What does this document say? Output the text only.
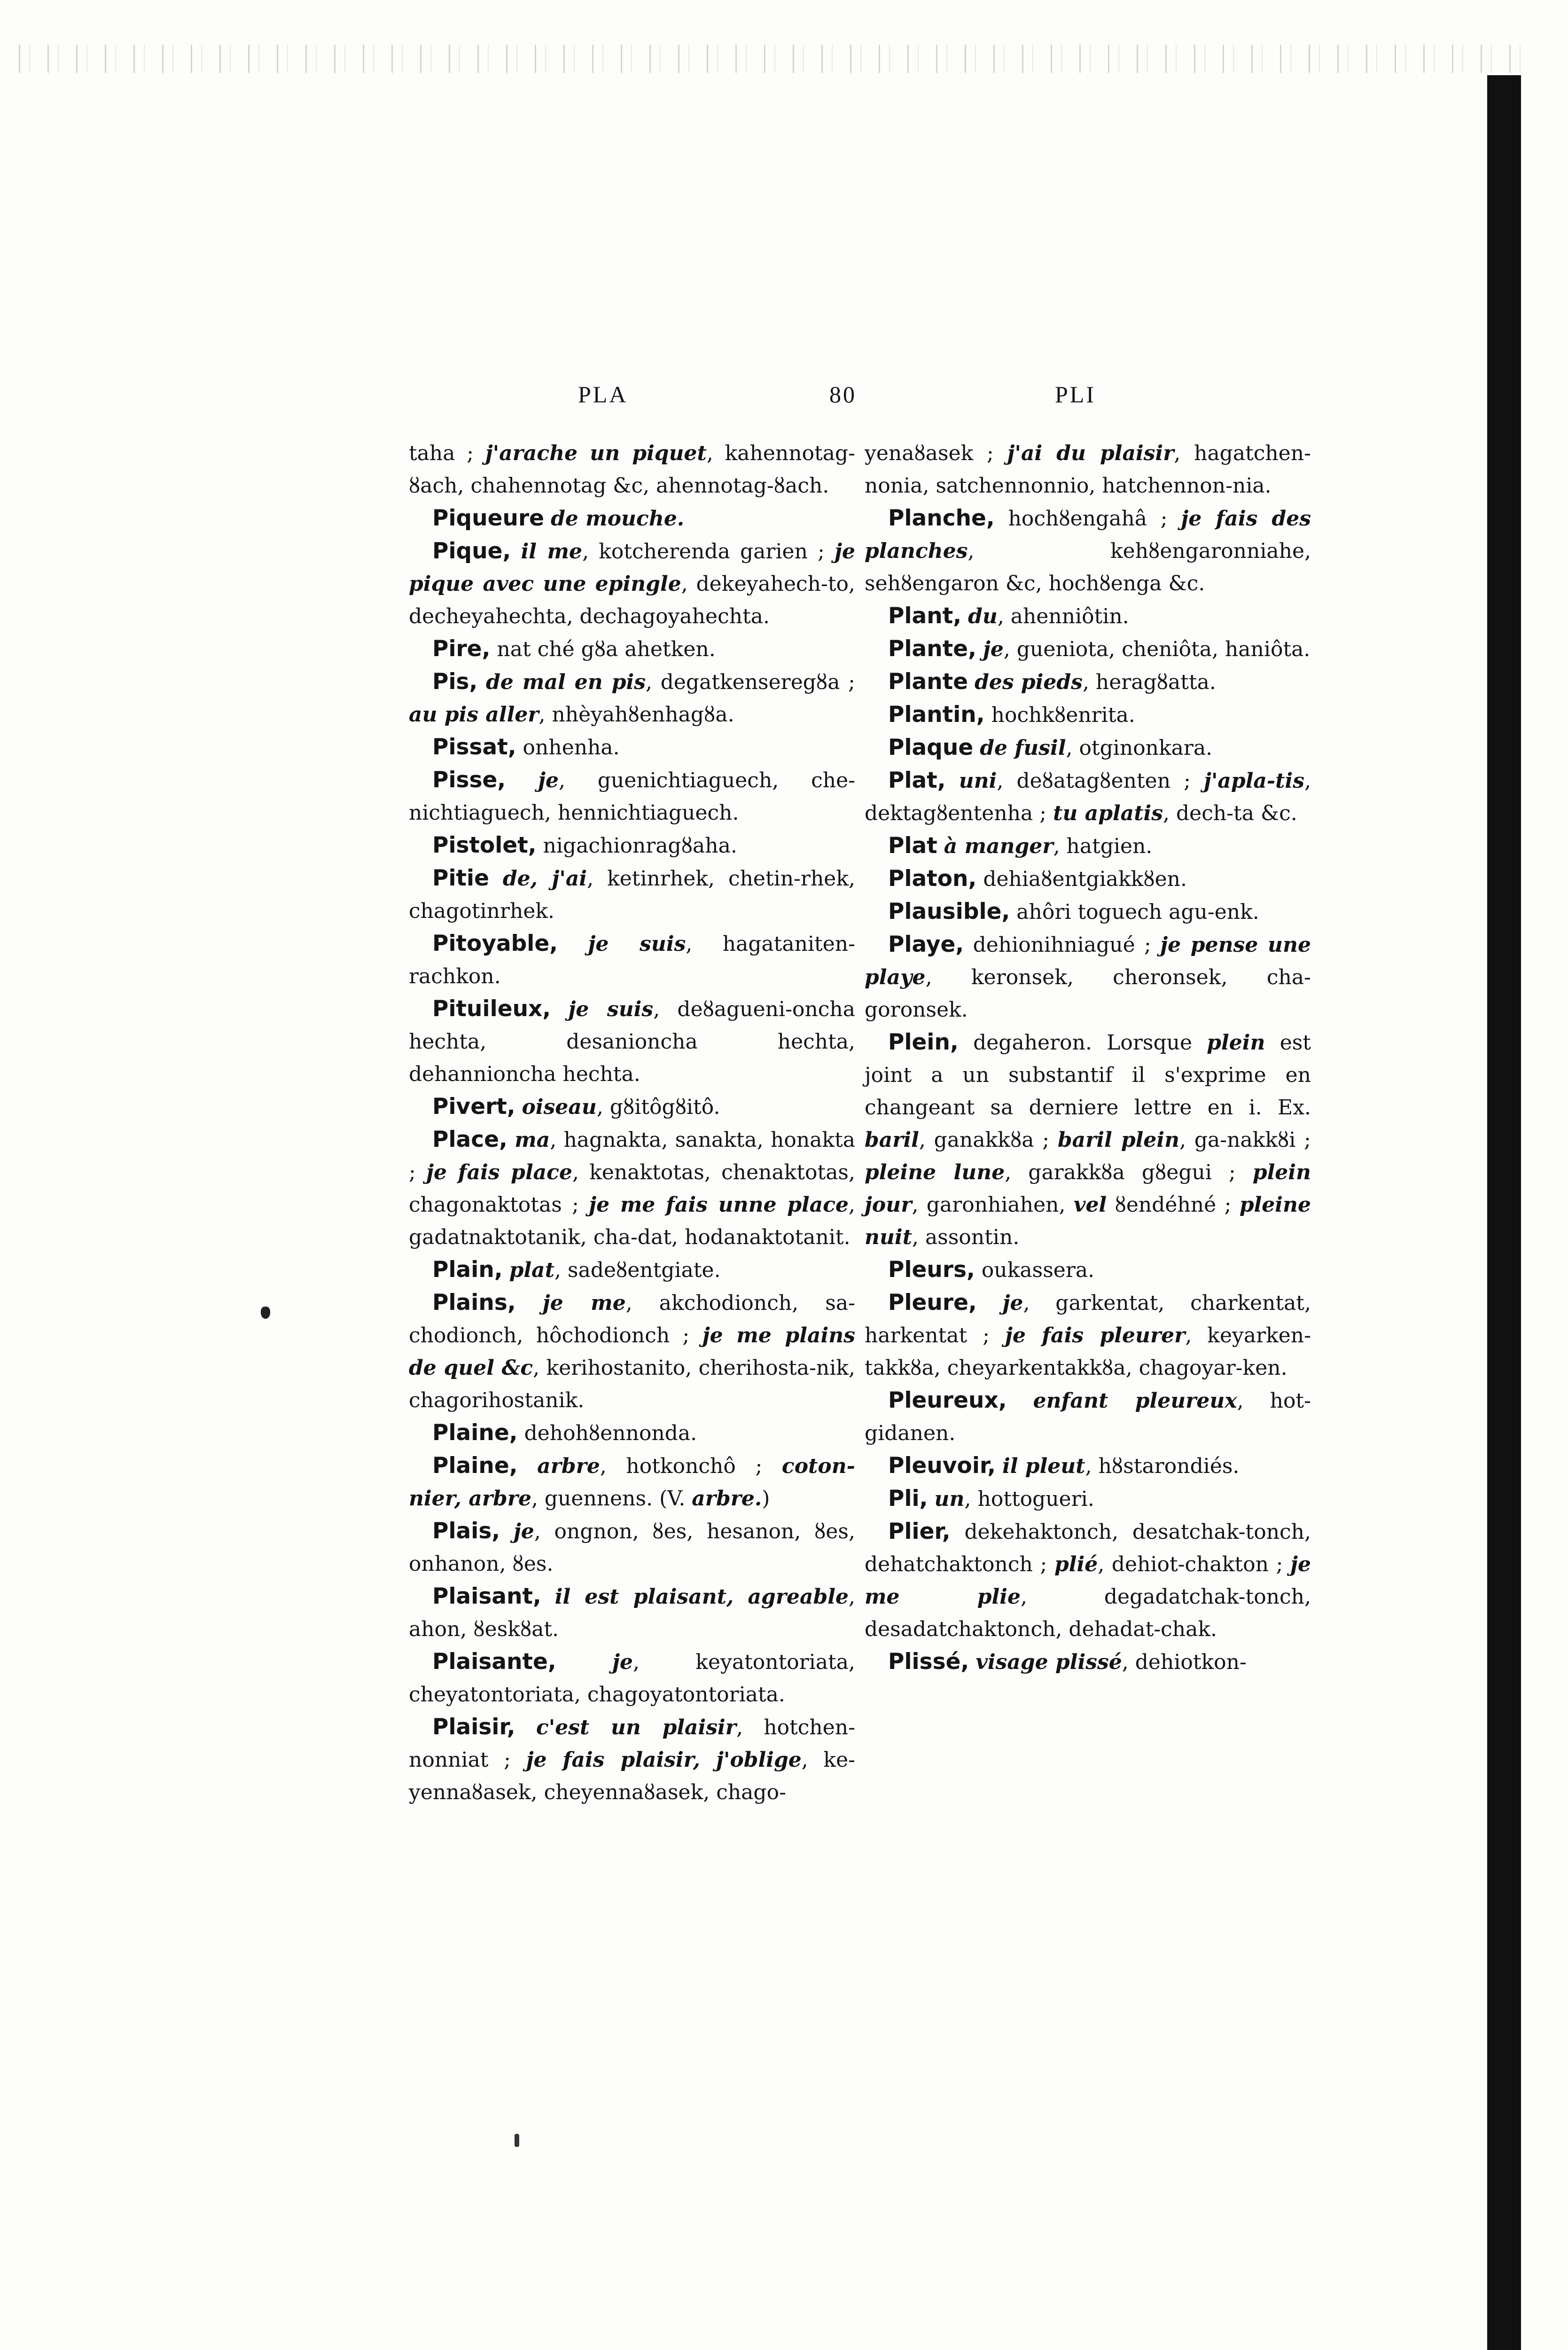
PLA	80	PLI

taha ; j'arache un piquet, kahennotag-ȣach, chahennotag &c, ahennotag-ȣach.

Piqueure de mouche.

Pique, il me, kotcherenda garien ; je pique avec une epingle, dekeyahech-to, decheyahechta, dechagoyahechta.

Pire, nat ché gȣa ahetken.

Pis, de mal en pis, degatkenseregȣa ; au pis aller, nhèyahȣenhagȣa.

Pissat, onhenha.

Pisse, je, guenichtiaguech, che-nichtiaguech, hennichtiaguech.

Pistolet, nigachionragȣaha.

Pitie de, j'ai, ketinrhek, chetin-rhek, chagotinrhek.

Pitoyable, je suis, hagataniten-rachkon.

Pituileux, je suis, deȣagueni-oncha hechta, desanioncha hechta, dehannioncha hechta.

Pivert, oiseau, gȣitôgȣitô.

Place, ma, hagnakta, sanakta, honakta ; je fais place, kenaktotas, chenaktotas, chagonaktotas ; je me fais unne place, gadatnaktotanik, cha-dat, hodanaktotanit.

Plain, plat, sadeȣentgiate.

Plains, je me, akchodionch, sa-chodionch, hôchodionch ; je me plains de quel &c, kerihostanito, cherihosta-nik, chagorihostanik.

Plaine, dehohȣennonda.

Plaine, arbre, hotkonchô ; coton-nier, arbre, guennens. (V. arbre.)

Plais, je, ongnon, ȣes, hesanon, ȣes, onhanon, ȣes.

Plaisant, il est plaisant, agreable, ahon, ȣeskȣat.

Plaisante,	je, keyatontoriata, cheyatontoriata, chagoyatontoriata.

Plaisir, c'est un plaisir, hotchen-nonniat ; je fais plaisir, j'oblige, ke-yennaȣasek, cheyennaȣasek, chago-

yenaȣasek ; j'ai du plaisir, hagatchen-nonia, satchennonnio, hatchennon-nia.

Planche, hochȣengahâ ; je fais des planches, kehȣengaronniahe, sehȣengaron &c, hochȣenga &c.

Plant, du, ahenniôtin.

Plante, je, gueniota, cheniôta, haniôta.

Plante des pieds, heragȣatta.

Plantin, hochkȣenrita.

Plaque de fusil, otginonkara.

Plat, uni, deȣatagȣenten ; j'apla-tis, dektagȣentenha ; tu aplatis, dech-ta &c.

Plat à manger, hatgien.

Platon, dehiaȣentgiakkȣen.

Plausible, ahôri toguech agu-enk.

Playe, dehionihniagué ; je pense une playe, keronsek, cheronsek, cha-goronsek.

Plein, degaheron. Lorsque plein est joint a un substantif il s'exprime en changeant sa derniere lettre en i. Ex. baril, ganakkȣa ; baril plein, ga-nakkȣi ; pleine lune, garakkȣa gȣegui ; plein jour, garonhiahen, vel ȣendéhné ; pleine nuit, assontin.

Pleurs, oukassera.

Pleure, je, garkentat, charkentat, harkentat ; je fais pleurer, keyarken-takkȣa, cheyarkentakkȣa, chagoyar-ken.

Pleureux, enfant pleureux, hot-gidanen.

Pleuvoir, il pleut, hȣstarondiés.

Pli, un, hottogueri.

Plier, dekehaktonch, desatchak-tonch, dehatchaktonch ; plié, dehiot-chakton ; je me plie, degadatchak-tonch, desadatchaktonch, dehadat-chak.

Plissé, visage plissé, dehiotkon-
